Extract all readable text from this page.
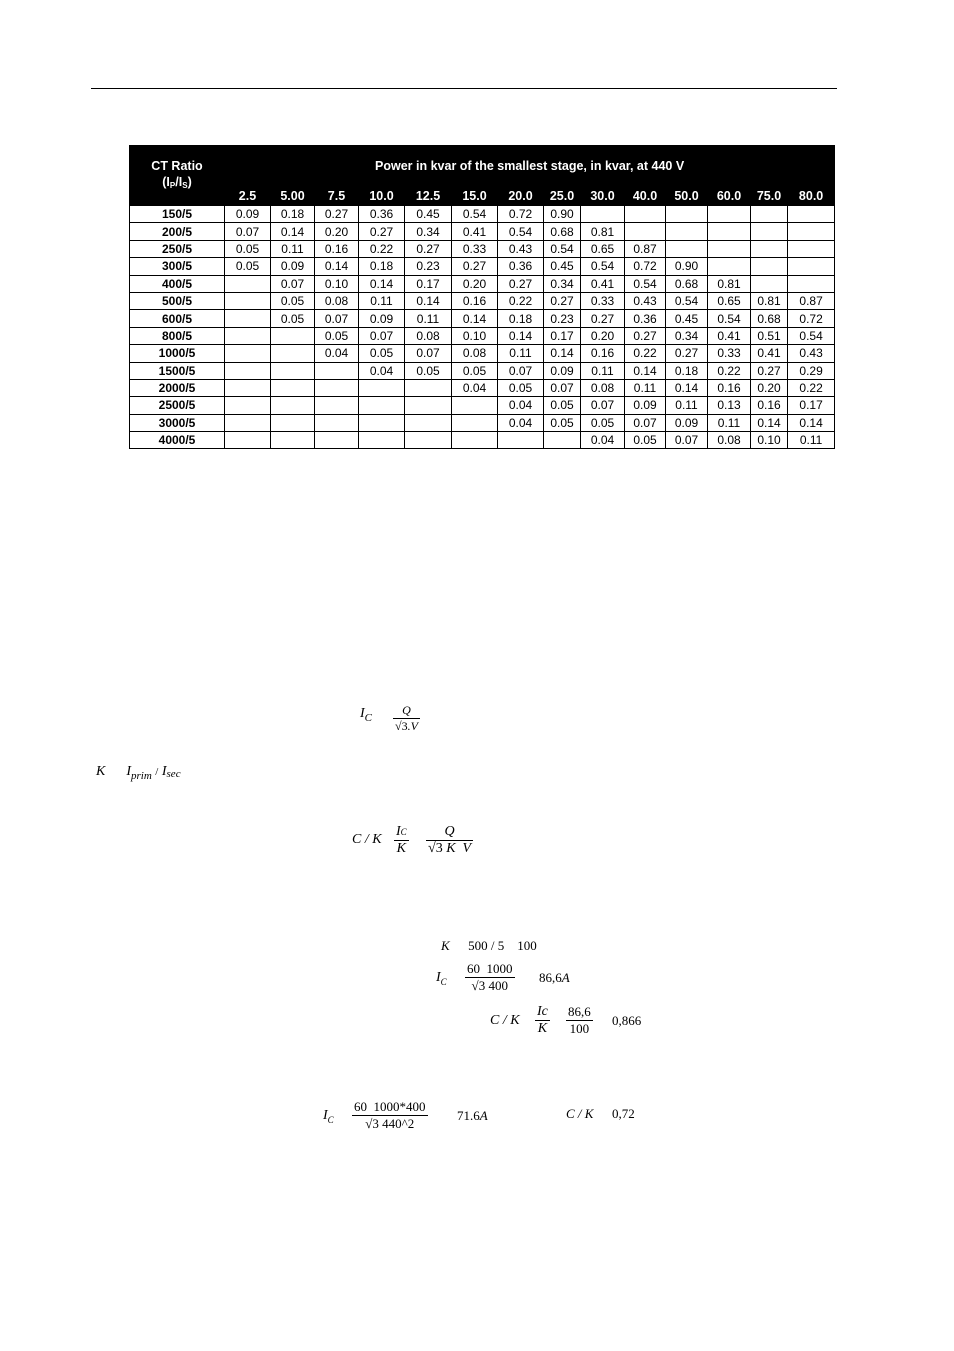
CT Ratio
(IP/IS)	Power in kvar of the smallest stage, in kvar, at 440 V													
	2.5	5.00	7.5	10.0	12.5	15.0	20.0	25.0	30.0	40.0	50.0	60.0	75.0	80.0
150/5	0.09	0.18	0.27	0.36	0.45	0.54	0.72	0.90						
200/5	0.07	0.14	0.20	0.27	0.34	0.41	0.54	0.68	0.81					
250/5	0.05	0.11	0.16	0.22	0.27	0.33	0.43	0.54	0.65	0.87				
300/5	0.05	0.09	0.14	0.18	0.23	0.27	0.36	0.45	0.54	0.72	0.90			
400/5		0.07	0.10	0.14	0.17	0.20	0.27	0.34	0.41	0.54	0.68	0.81		
500/5		0.05	0.08	0.11	0.14	0.16	0.22	0.27	0.33	0.43	0.54	0.65	0.81	0.87
600/5		0.05	0.07	0.09	0.11	0.14	0.18	0.23	0.27	0.36	0.45	0.54	0.68	0.72
800/5			0.05	0.07	0.08	0.10	0.14	0.17	0.20	0.27	0.34	0.41	0.51	0.54
1000/5			0.04	0.05	0.07	0.08	0.11	0.14	0.16	0.22	0.27	0.33	0.41	0.43
1500/5				0.04	0.05	0.05	0.07	0.09	0.11	0.14	0.18	0.22	0.27	0.29
2000/5						0.04	0.05	0.07	0.08	0.11	0.14	0.16	0.20	0.22
2500/5							0.04	0.05	0.07	0.09	0.11	0.13	0.16	0.17
3000/5							0.04	0.05	0.05	0.07	0.09	0.11	0.14	0.14
4000/5									0.04	0.05	0.07	0.08	0.10	0.11
$I_C \frac{Q}{√3.V}$
K $I_{prim}$ / Isec
C / K $\frac{IC}{K} \frac{Q}{\text{√3 K  V}}$
K 500 / 5    100
$I_C \frac{60 1000}{√3 400} 86,6A$
C / K $\frac{Ic}{K} \frac{86,6}{100} 0,866$
$I_C \frac{60 1000*400}{√3 440\^{}2} 71.6A$	C / K 0,72
